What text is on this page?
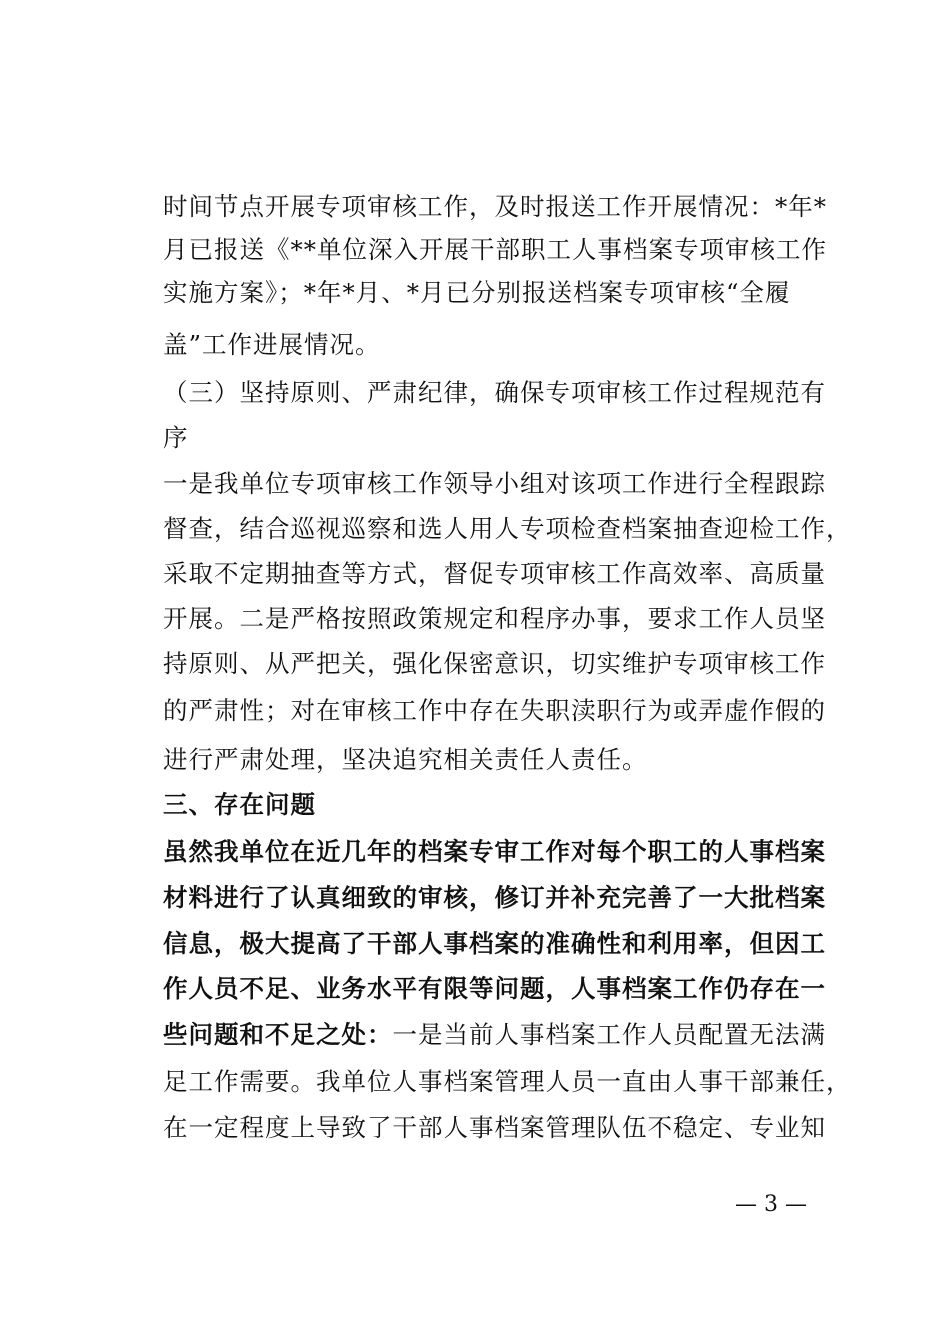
时间节点开展专项审核工作，及时报送工作开展情况：*年*
月已报送《**单位深入开展干部职工人事档案专项审核工作
实施方案》；*年*月、*月已分别报送档案专项审核“全履
盖”工作进展情况。
（三）坚持原则、严肃纪律，确保专项审核工作过程规范有
序
一是我单位专项审核工作领导小组对该项工作进行全程跟踪
督查，结合巡视巡察和选人用人专项检查档案抽查迎检工作，
采取不定期抽查等方式，督促专项审核工作高效率、高质量
开展。二是严格按照政策规定和程序办事，要求工作人员坚
持原则、从严把关，强化保密意识，切实维护专项审核工作
的严肃性；对在审核工作中存在失职渎职行为或弄虚作假的
进行严肃处理，坚决追究相关责任人责任。
三、存在问题
虽然我单位在近几年的档案专审工作对每个职工的人事档案
材料进行了认真细致的审核，修订并补充完善了一大批档案
信息，极大提高了干部人事档案的准确性和利用率，但因工
作人员不足、业务水平有限等问题，人事档案工作仍存在一
些问题和不足之处：一是当前人事档案工作人员配置无法满
足工作需要。我单位人事档案管理人员一直由人事干部兼任，
在一定程度上导致了干部人事档案管理队伍不稳定、专业知
— 3 —
